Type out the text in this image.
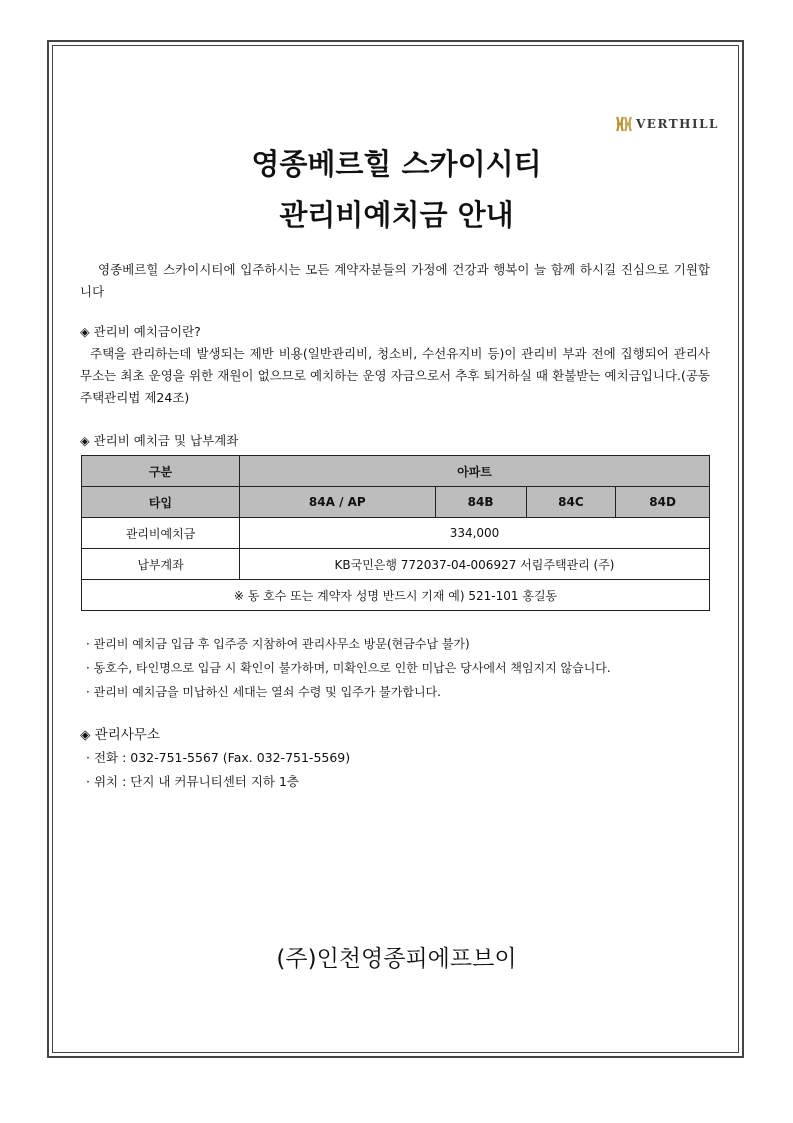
VERTHILL
영종베르힐 스카이시티
관리비예치금 안내
영종베르힐 스카이시티에 입주하시는 모든 계약자분들의 가정에 건강과 행복이 늘 함께 하시길 진심으로 기원합니다
◈ 관리비 예치금이란?
주택을 관리하는데 발생되는 제반 비용(일반관리비, 청소비, 수선유지비 등)이 관리비 부과 전에 집행되어 관리사무소는 최초 운영을 위한 재원이 없으므로 예치하는 운영 자금으로서 추후 퇴거하실 때 환불받는 예치금입니다.(공동주택관리법 제24조)
◈ 관리비 예치금 및 납부계좌
구분	아파트			
타입	84A / AP	84B	84C	84D
관리비예치금	334,000			
납부계좌	KB국민은행 772037-04-006927 서림주택관리 (주)			
※ 동 호수 또는 계약자 성명 반드시 기재 예) 521-101 홍길동				
· 관리비 예치금 입금 후 입주증 지참하여 관리사무소 방문(현금수납 불가)
· 동호수, 타인명으로 입금 시 확인이 불가하며, 미확인으로 인한 미납은 당사에서 책임지지 않습니다.
· 관리비 예치금을 미납하신 세대는 열쇠 수령 및 입주가 불가합니다.
◈ 관리사무소
· 전화 : 032-751-5567 (Fax. 032-751-5569)
· 위치 : 단지 내 커뮤니티센터 지하 1층
(주)인천영종피에프브이
